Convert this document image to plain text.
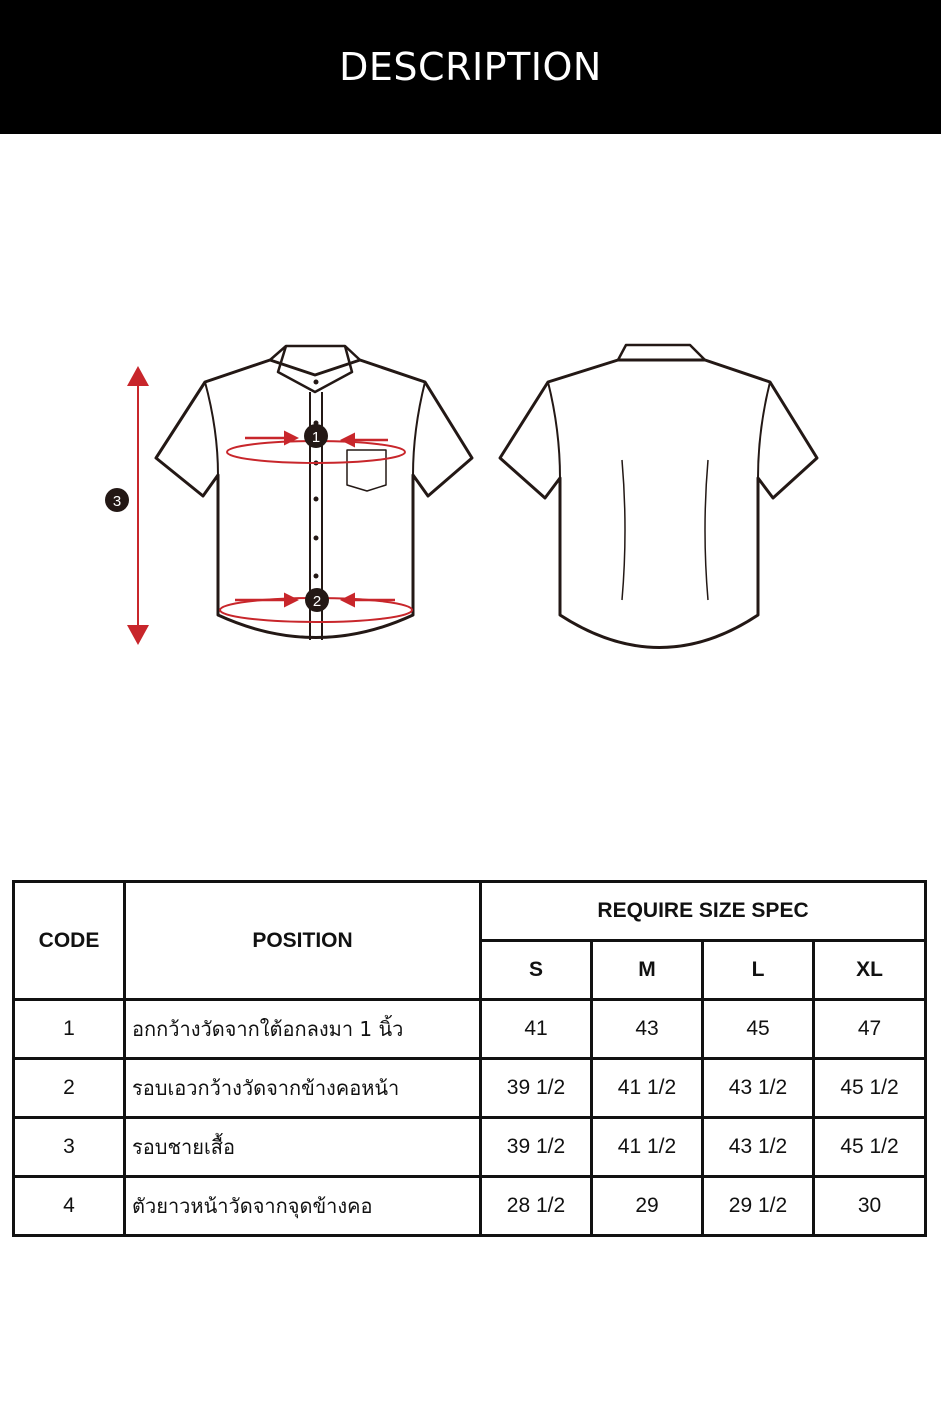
DESCRIPTION
1
2
3
CODE	POSITION	REQUIRE SIZE SPEC			
		S	M	L	XL
1	อกกว้างวัดจากใต้อกลงมา 1 นิ้ว	41	43	45	47
2	รอบเอวกว้างวัดจากข้างคอหน้า	39 1/2	41 1/2	43 1/2	45 1/2
3	รอบชายเสื้อ	39 1/2	41 1/2	43 1/2	45 1/2
4	ตัวยาวหน้าวัดจากจุดข้างคอ	28 1/2	29	29 1/2	30
